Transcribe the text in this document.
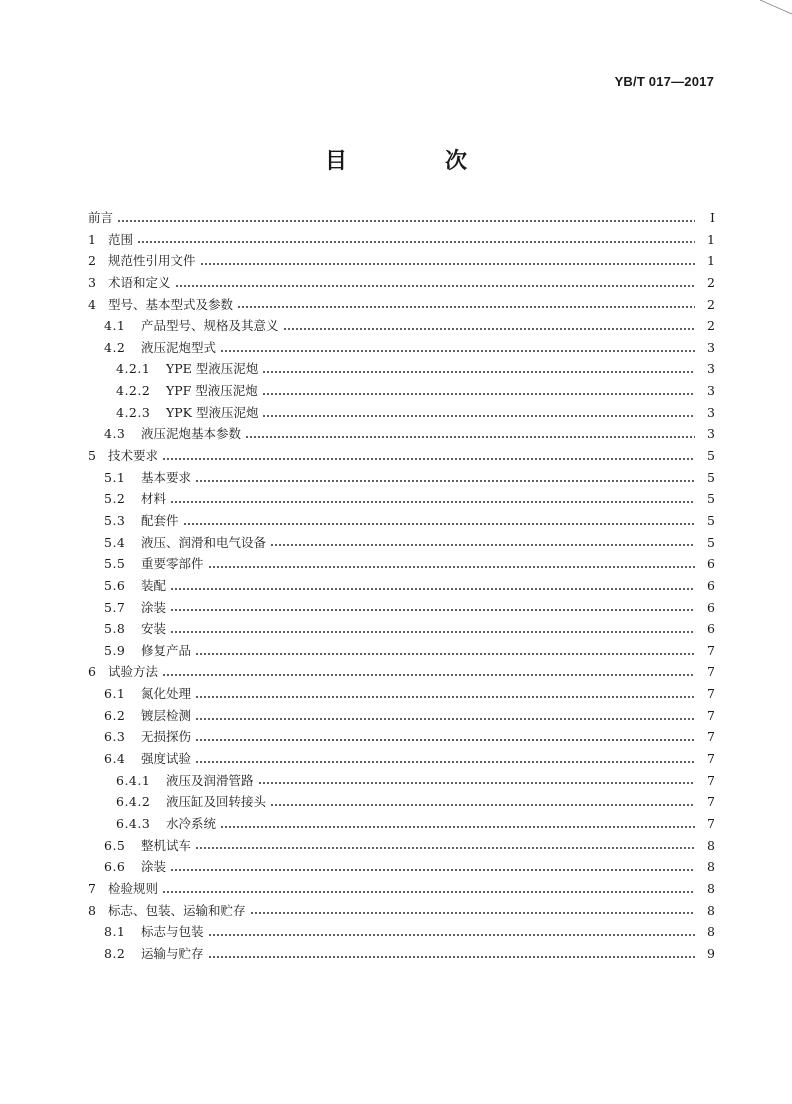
YB/T 017—2017
目　次
前言	Ⅰ
1 范围	1
2 规范性引用文件	1
3 术语和定义	2
4 型号、基本型式及参数	2
4.1	产品型号、规格及其意义	2
4.2	液压泥炮型式	3
4.2.1	YPE 型液压泥炮	3
4.2.2	YPF 型液压泥炮	3
4.2.3	YPK 型液压泥炮	3
4.3	液压泥炮基本参数	3
5 技术要求	5
5.1	基本要求	5
5.2	材料	5
5.3	配套件	5
5.4	液压、润滑和电气设备	5
5.5	重要零部件	6
5.6	装配	6
5.7	涂装	6
5.8	安装	6
5.9	修复产品	7
6 试验方法	7
6.1	氮化处理	7
6.2	镀层检测	7
6.3	无损探伤	7
6.4	强度试验	7
6.4.1	液压及润滑管路	7
6.4.2	液压缸及回转接头	7
6.4.3	水冷系统	7
6.5	整机试车	8
6.6	涂装	8
7 检验规则	8
8 标志、包装、运输和贮存	8
8.1	标志与包装	8
8.2	运输与贮存	9
